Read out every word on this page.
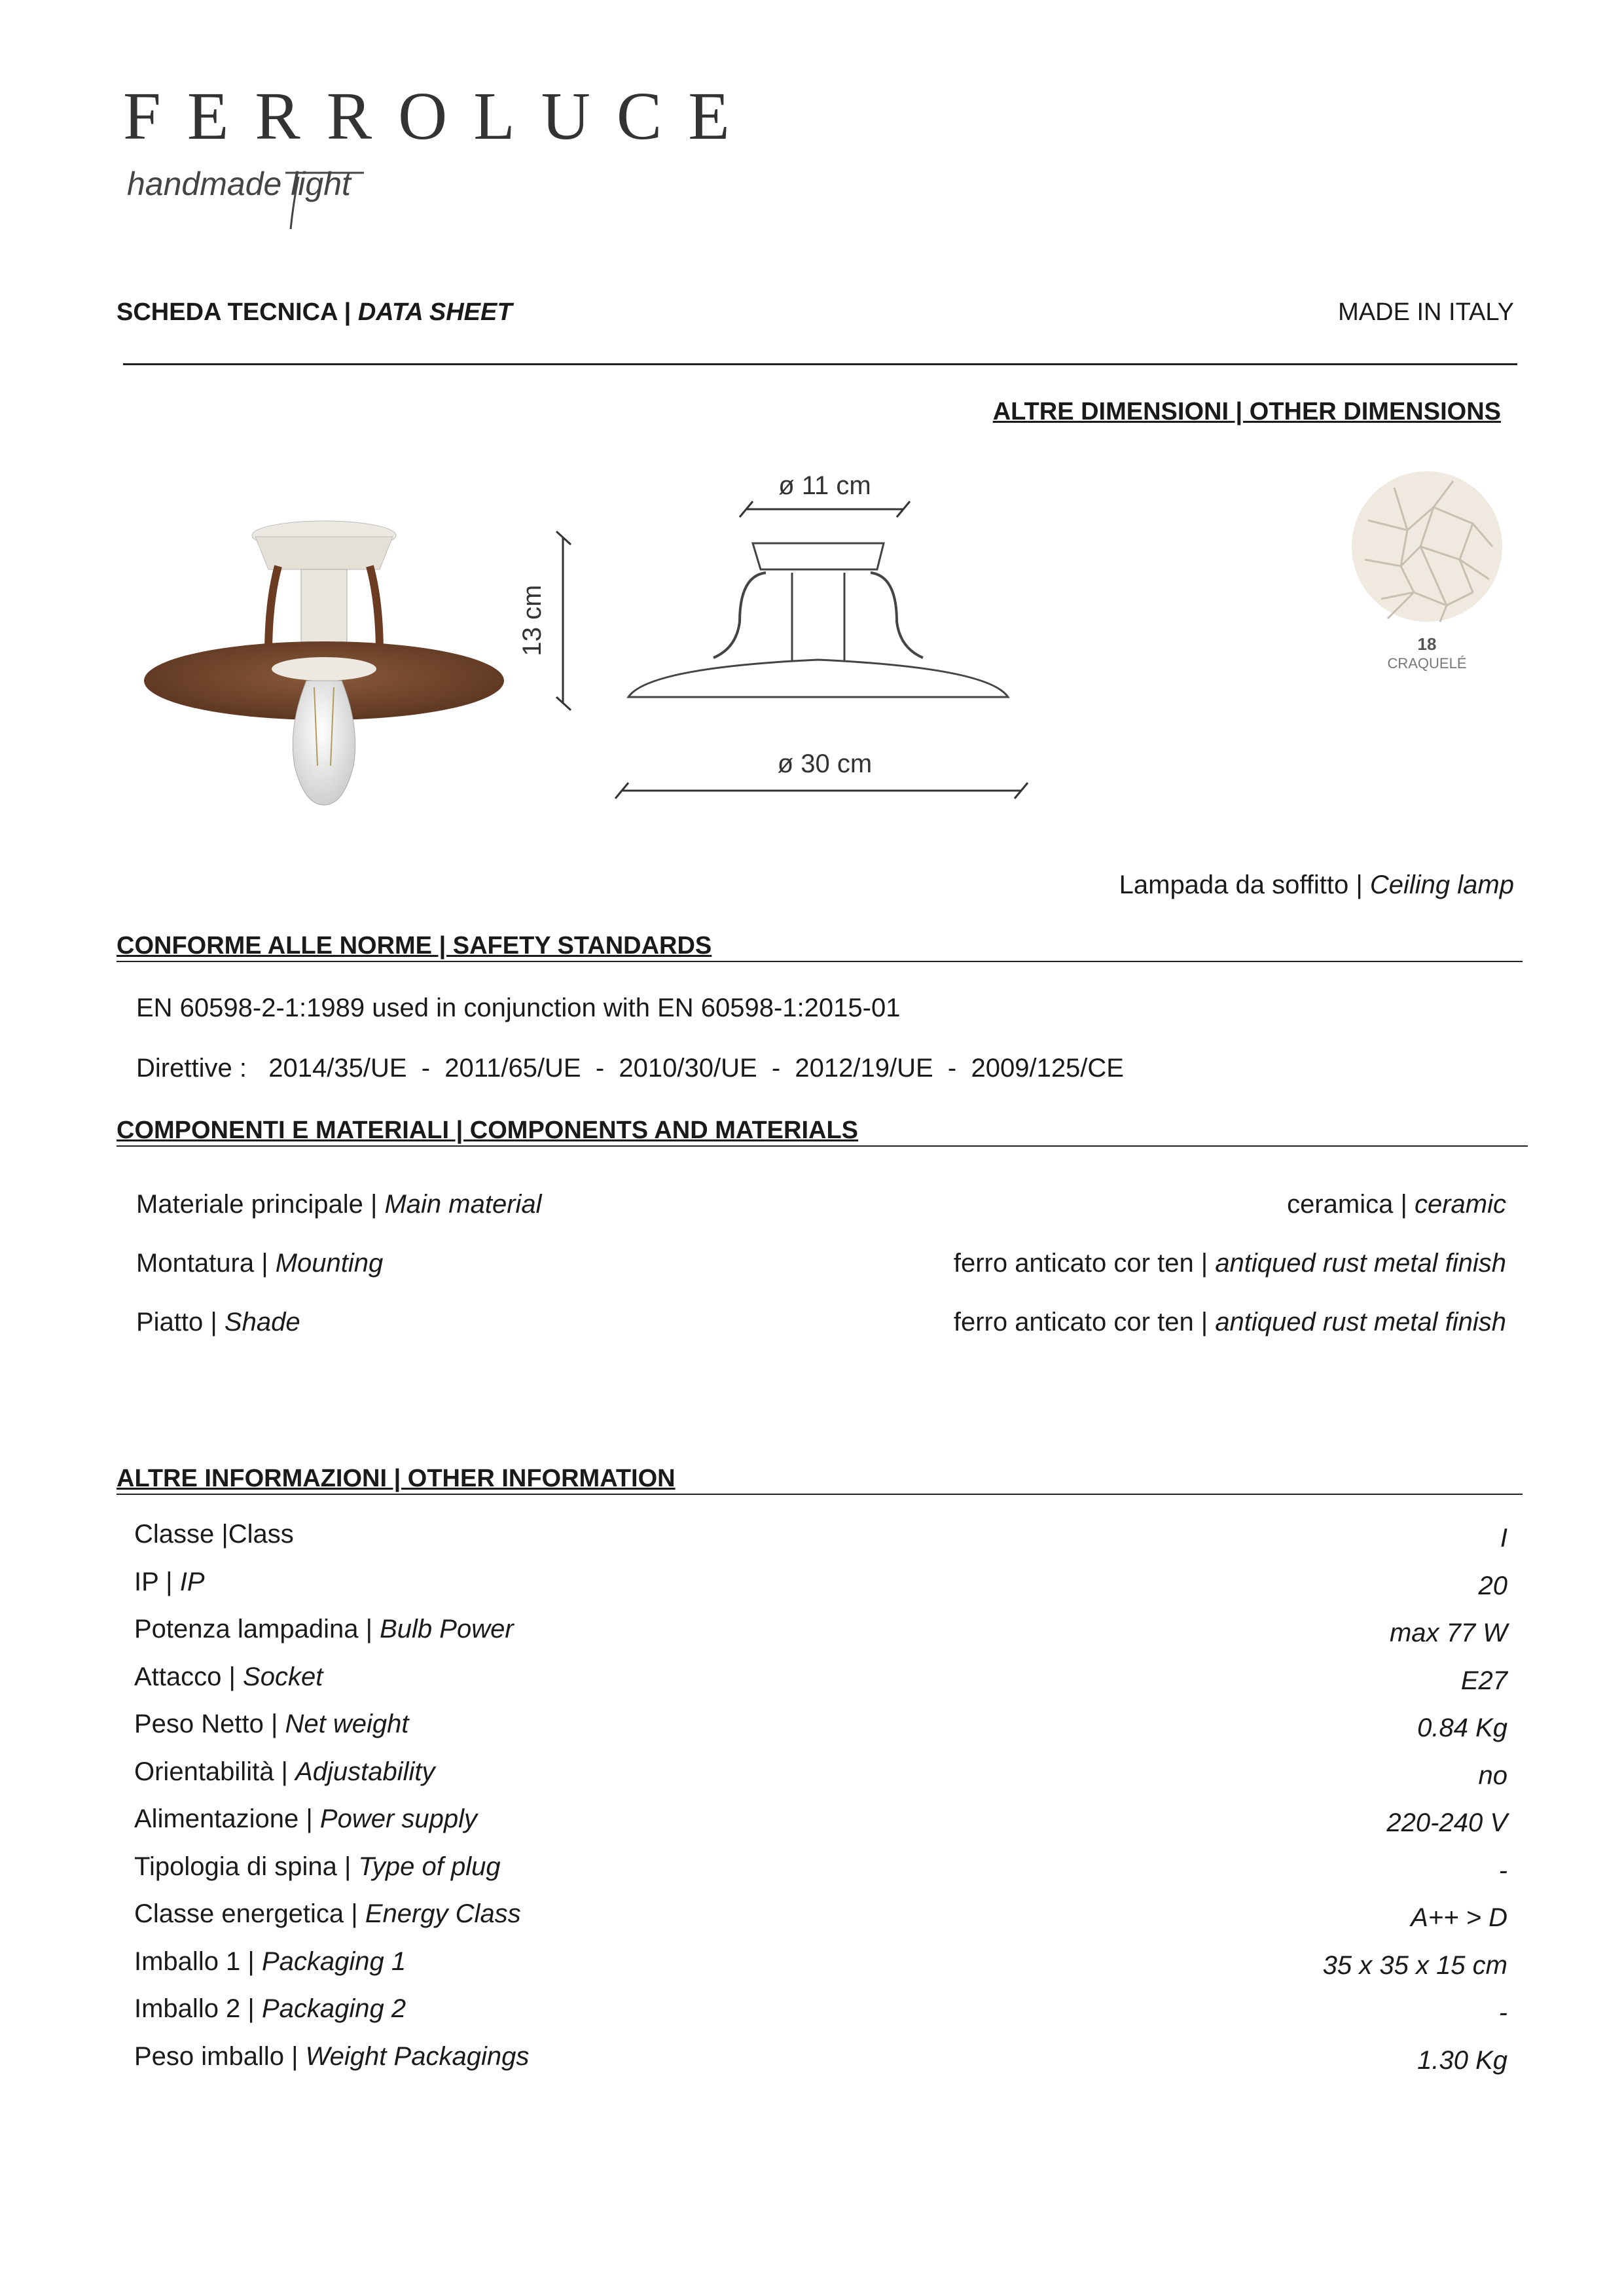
FERROLUCE
handmade light
SCHEDA TECNICA | DATA SHEET	MADE IN ITALY
ALTRE DIMENSIONI | OTHER DIMENSIONS
ø 11 cm
13 cm
ø 30 cm
18
CRAQUELÉ
Lampada da soffitto | Ceiling lamp
CONFORME ALLE NORME | SAFETY STANDARDS
EN 60598-2-1:1989 used in conjunction with EN 60598-1:2015-01
Direttive :   2014/35/UE  -  2011/65/UE  -  2010/30/UE  -  2012/19/UE  -  2009/125/CE
COMPONENTI E MATERIALI | COMPONENTS AND MATERIALS
Materiale principale | Main material	ceramica | ceramic
Montatura | Mounting	ferro anticato cor ten | antiqued rust metal finish
Piatto | Shade	ferro anticato cor ten | antiqued rust metal finish
ALTRE INFORMAZIONI | OTHER INFORMATION
Classe |Class	I
IP | IP	20
Potenza lampadina | Bulb Power	max 77 W
Attacco | Socket	E27
Peso Netto | Net weight	0.84 Kg
Orientabilità | Adjustability	no
Alimentazione | Power supply	220-240 V
Tipologia di spina | Type of plug	-
Classe energetica | Energy Class	A++ > D
Imballo 1 | Packaging 1	35 x 35 x 15 cm
Imballo 2 | Packaging 2	-
Peso imballo | Weight Packagings	1.30 Kg
